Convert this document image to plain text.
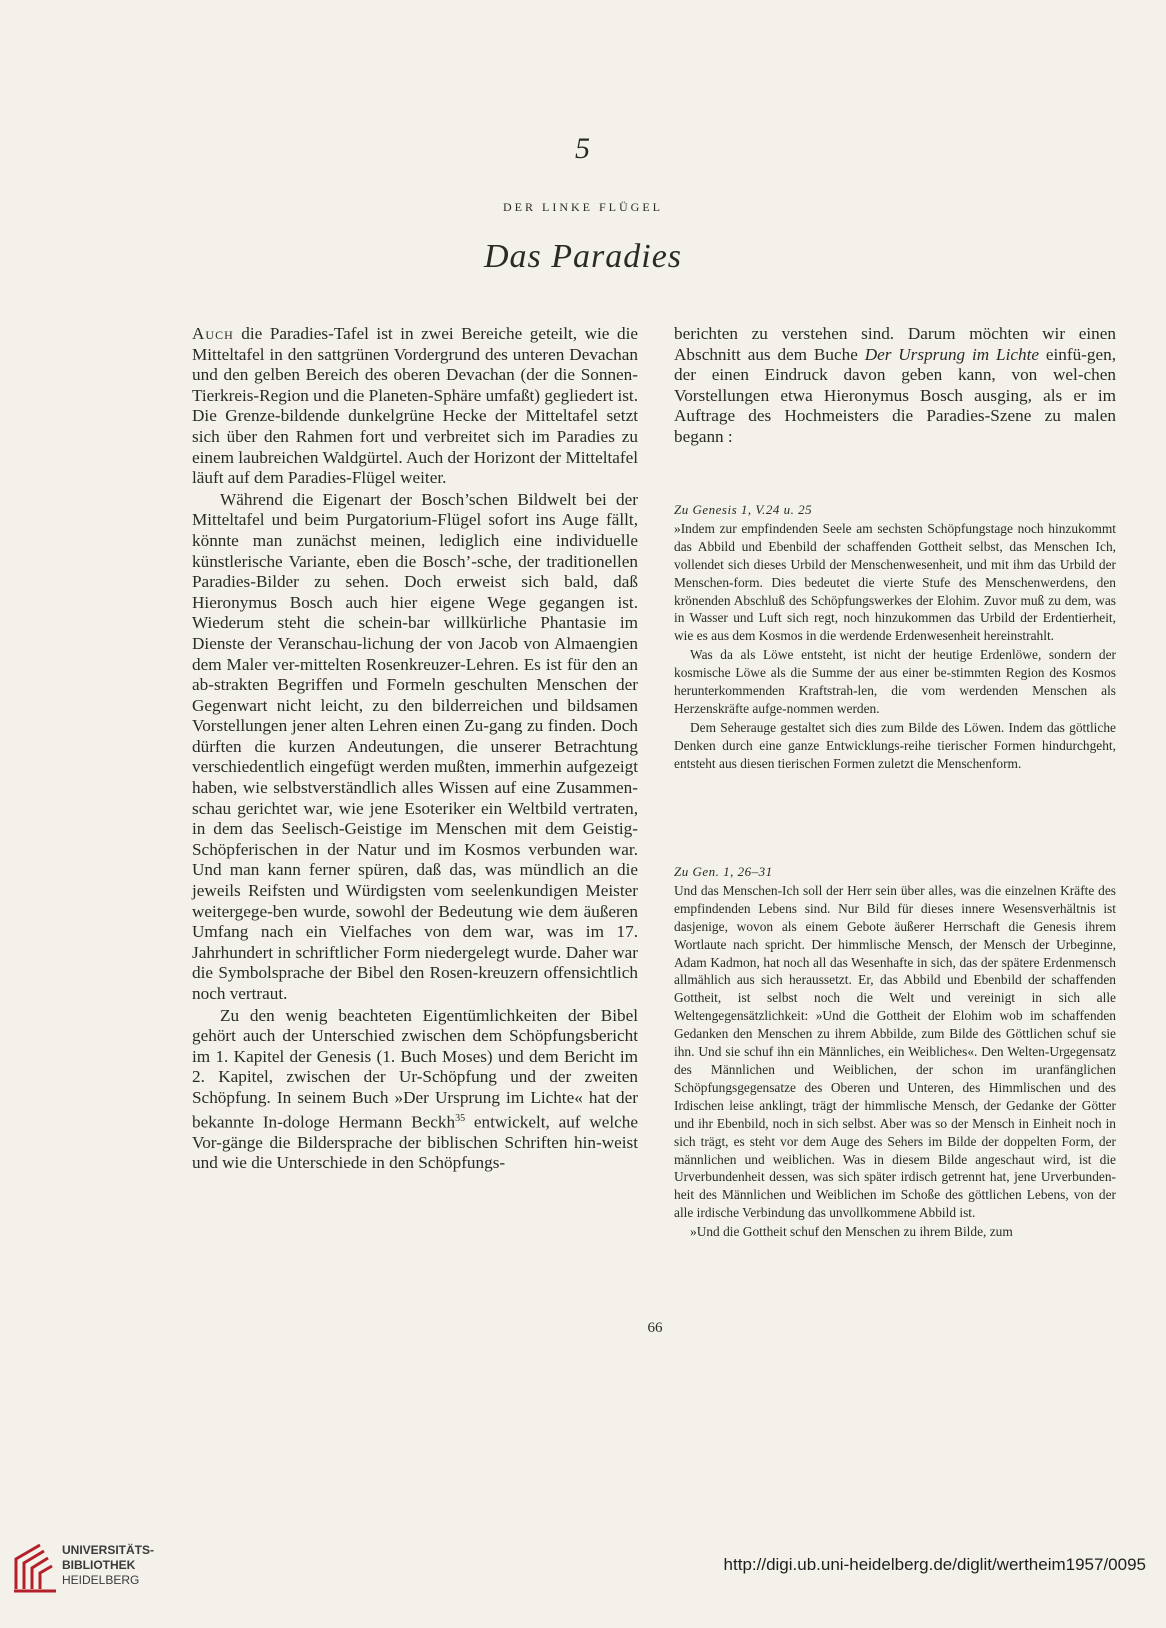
5
DER LINKE FLÜGEL
Das Paradies

Auch die Paradies-Tafel ist in zwei Bereiche geteilt, wie die Mitteltafel in den sattgrünen Vordergrund des unteren Devachan und den gelben Bereich des oberen Devachan (der die Sonnen-Tierkreis-Region und die Planeten-Sphäre umfaßt) gegliedert ist. Die Grenze-bildende dunkelgrüne Hecke der Mitteltafel setzt sich über den Rahmen fort und verbreitet sich im Paradies zu einem laubreichen Waldgürtel. Auch der Horizont der Mitteltafel läuft auf dem Paradies-Flügel weiter.

Während die Eigenart der Bosch’schen Bildwelt bei der Mitteltafel und beim Purgatorium-Flügel sofort ins Auge fällt, könnte man zunächst meinen, lediglich eine individuelle künstlerische Variante, eben die Bosch’-sche, der traditionellen Paradies-Bilder zu sehen. Doch erweist sich bald, daß Hieronymus Bosch auch hier eigene Wege gegangen ist. Wiederum steht die schein-bar willkürliche Phantasie im Dienste der Veranschau-lichung der von Jacob von Almaengien dem Maler ver-mittelten Rosenkreuzer-Lehren. Es ist für den an ab-strakten Begriffen und Formeln geschulten Menschen der Gegenwart nicht leicht, zu den bilderreichen und bildsamen Vorstellungen jener alten Lehren einen Zu-gang zu finden. Doch dürften die kurzen Andeutungen, die unserer Betrachtung verschiedentlich eingefügt werden mußten, immerhin aufgezeigt haben, wie selbstverständlich alles Wissen auf eine Zusammen-schau gerichtet war, wie jene Esoteriker ein Weltbild vertraten, in dem das Seelisch-Geistige im Menschen mit dem Geistig-Schöpferischen in der Natur und im Kosmos verbunden war. Und man kann ferner spüren, daß das, was mündlich an die jeweils Reifsten und Würdigsten vom seelenkundigen Meister weitergege-ben wurde, sowohl der Bedeutung wie dem äußeren Umfang nach ein Vielfaches von dem war, was im 17. Jahrhundert in schriftlicher Form niedergelegt wurde. Daher war die Symbolsprache der Bibel den Rosen-kreuzern offensichtlich noch vertraut.

Zu den wenig beachteten Eigentümlichkeiten der Bibel gehört auch der Unterschied zwischen dem Schöpfungsbericht im 1. Kapitel der Genesis (1. Buch Moses) und dem Bericht im 2. Kapitel, zwischen der Ur-Schöpfung und der zweiten Schöpfung. In seinem Buch »Der Ursprung im Lichte« hat der bekannte In-dologe Hermann Beckh$^{35}$ entwickelt, auf welche Vor-gänge die Bildersprache der biblischen Schriften hin-weist und wie die Unterschiede in den Schöpfungs-

berichten zu verstehen sind. Darum möchten wir einen Abschnitt aus dem Buche Der Ursprung im Lichte einfü-gen, der einen Eindruck davon geben kann, von wel-chen Vorstellungen etwa Hieronymus Bosch ausging, als er im Auftrage des Hochmeisters die Paradies-Szene zu malen begann :

Zu Genesis 1, V.24 u. 25

»Indem zur empfindenden Seele am sechsten Schöpfungstage noch hinzukommt das Abbild und Ebenbild der schaffenden Gottheit selbst, das Menschen Ich, vollendet sich dieses Urbild der Menschenwesenheit, und mit ihm das Urbild der Menschen-form. Dies bedeutet die vierte Stufe des Menschenwerdens, den krönenden Abschluß des Schöpfungswerkes der Elohim. Zuvor muß zu dem, was in Wasser und Luft sich regt, noch hinzukommen das Urbild der Erdentierheit, wie es aus dem Kosmos in die werdende Erdenwesenheit hereinstrahlt.

Was da als Löwe entsteht, ist nicht der heutige Erdenlöwe, sondern der kosmische Löwe als die Summe der aus einer be-stimmten Region des Kosmos herunterkommenden Kraftstrah-len, die vom werdenden Menschen als Herzenskräfte aufge-nommen werden.

Dem Seherauge gestaltet sich dies zum Bilde des Löwen. Indem das göttliche Denken durch eine ganze Entwicklungs-reihe tierischer Formen hindurchgeht, entsteht aus diesen tierischen Formen zuletzt die Menschenform.

Zu Gen. 1, 26–31

Und das Menschen-Ich soll der Herr sein über alles, was die einzelnen Kräfte des empfindenden Lebens sind. Nur Bild für dieses innere Wesensverhältnis ist dasjenige, wovon als einem Gebote äußerer Herrschaft die Genesis ihrem Wortlaute nach spricht. Der himmlische Mensch, der Mensch der Urbeginne, Adam Kadmon, hat noch all das Wesenhafte in sich, das der spätere Erdenmensch allmählich aus sich heraussetzt. Er, das Abbild und Ebenbild der schaffenden Gottheit, ist selbst noch die Welt und vereinigt in sich alle Weltengegensätzlichkeit: »Und die Gottheit der Elohim wob im schaffenden Gedanken den Menschen zu ihrem Abbilde, zum Bilde des Göttlichen schuf sie ihn. Und sie schuf ihn ein Männliches, ein Weibliches«. Den Welten-Urgegensatz des Männlichen und Weiblichen, der schon im uranfänglichen Schöpfungsgegensatze des Oberen und Unteren, des Himmlischen und des Irdischen leise anklingt, trägt der himmlische Mensch, der Gedanke der Götter und ihr Ebenbild, noch in sich selbst. Aber was so der Mensch in Einheit noch in sich trägt, es steht vor dem Auge des Sehers im Bilde der doppelten Form, der männlichen und weiblichen. Was in diesem Bilde angeschaut wird, ist die Urverbundenheit dessen, was sich später irdisch getrennt hat, jene Urverbunden-heit des Männlichen und Weiblichen im Schoße des göttlichen Lebens, von der alle irdische Verbindung das unvollkommene Abbild ist.

»Und die Gottheit schuf den Menschen zu ihrem Bilde, zum

66
UNIVERSITÄTS-
BIBLIOTHEK
HEIDELBERG
http://digi.ub.uni-heidelberg.de/diglit/wertheim1957/0095
